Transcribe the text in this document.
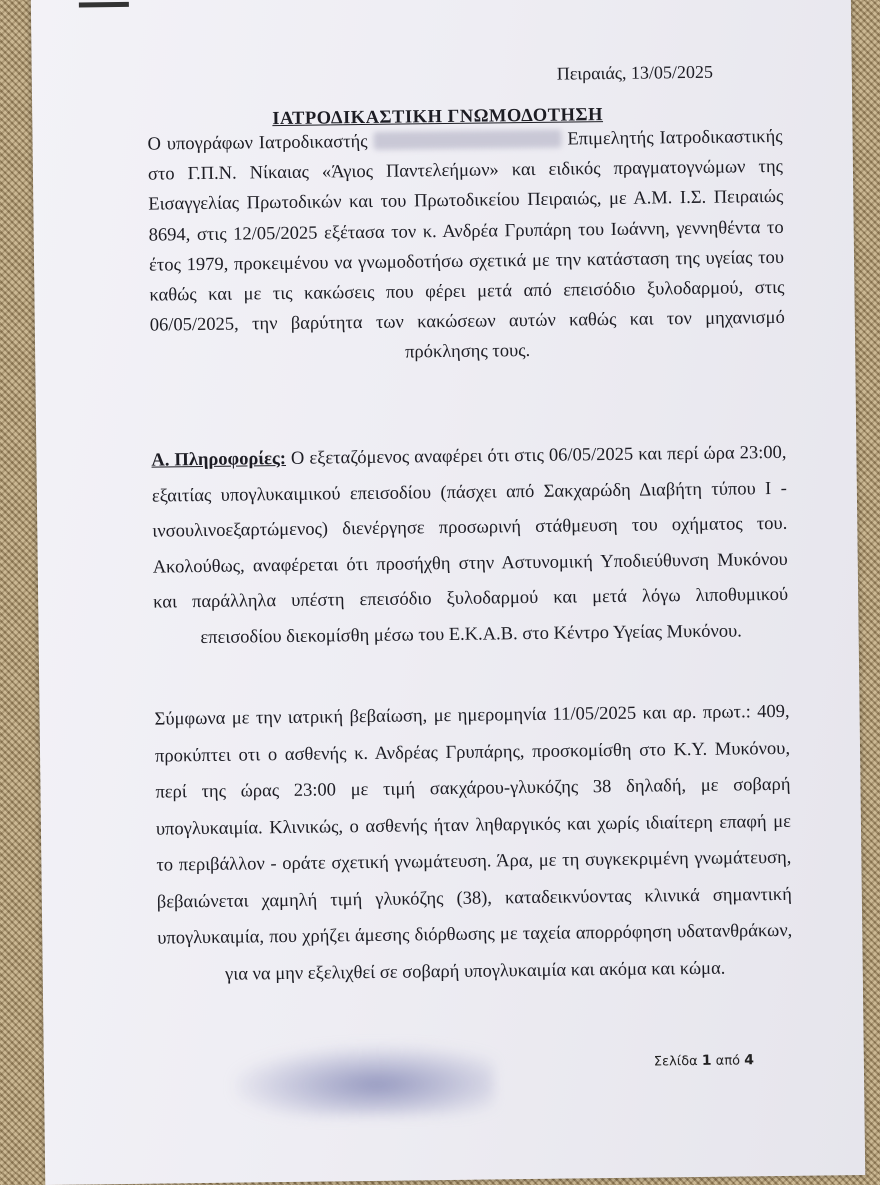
Πειραιάς, 13/05/2025
ΙΑΤΡΟΔΙΚΑΣΤΙΚΗ ΓΝΩΜΟΔΟΤΗΣΗ
Ο υπογράφων Ιατροδικαστής	Επιμελητής Ιατροδικαστικής στο Γ.Π.Ν. Νίκαιας «Άγιος Παντελεήμων» και ειδικός πραγματογνώμων της Εισαγγελίας Πρωτοδικών και του Πρωτοδικείου Πειραιώς, με Α.Μ. Ι.Σ. Πειραιώς 8694, στις 12/05/2025 εξέτασα τον κ. Ανδρέα Γρυπάρη του Ιωάννη, γεννηθέντα το έτος 1979, προκειμένου να γνωμοδοτήσω σχετικά με την κατάσταση της υγείας του καθώς και με τις κακώσεις που φέρει μετά από επεισόδιο ξυλοδαρμού, στις 06/05/2025, την βαρύτητα των κακώσεων αυτών καθώς και τον μηχανισμό πρόκλησης τους.
Α. Πληροφορίες: Ο εξεταζόμενος αναφέρει ότι στις 06/05/2025 και περί ώρα 23:00, εξαιτίας υπογλυκαιμικού επεισοδίου (πάσχει από Σακχαρώδη Διαβήτη τύπου Ι - ινσουλινοεξαρτώμενος) διενέργησε προσωρινή στάθμευση του οχήματος του. Ακολούθως, αναφέρεται ότι προσήχθη στην Αστυνομική Υποδιεύθυνση Μυκόνου και παράλληλα υπέστη επεισόδιο ξυλοδαρμού και μετά λόγω λιποθυμικού επεισοδίου διεκομίσθη μέσω του Ε.Κ.Α.Β. στο Κέντρο Υγείας Μυκόνου.
Σύμφωνα με την ιατρική βεβαίωση, με ημερομηνία 11/05/2025 και αρ. πρωτ.: 409, προκύπτει οτι ο ασθενής κ. Ανδρέας Γρυπάρης, προσκομίσθη στο Κ.Υ. Μυκόνου, περί της ώρας 23:00 με τιμή σακχάρου-γλυκόζης 38 δηλαδή, με σοβαρή υπογλυκαιμία. Κλινικώς, ο ασθενής ήταν ληθαργικός και χωρίς ιδιαίτερη επαφή με το περιβάλλον - οράτε σχετική γνωμάτευση. Άρα, με τη συγκεκριμένη γνωμάτευση, βεβαιώνεται χαμηλή τιμή γλυκόζης (38), καταδεικνύοντας κλινικά σημαντική υπογλυκαιμία, που χρήζει άμεσης διόρθωσης με ταχεία απορρόφηση υδατανθράκων, για να μην εξελιχθεί σε σοβαρή υπογλυκαιμία και ακόμα και κώμα.
Σελίδα 1 από 4
